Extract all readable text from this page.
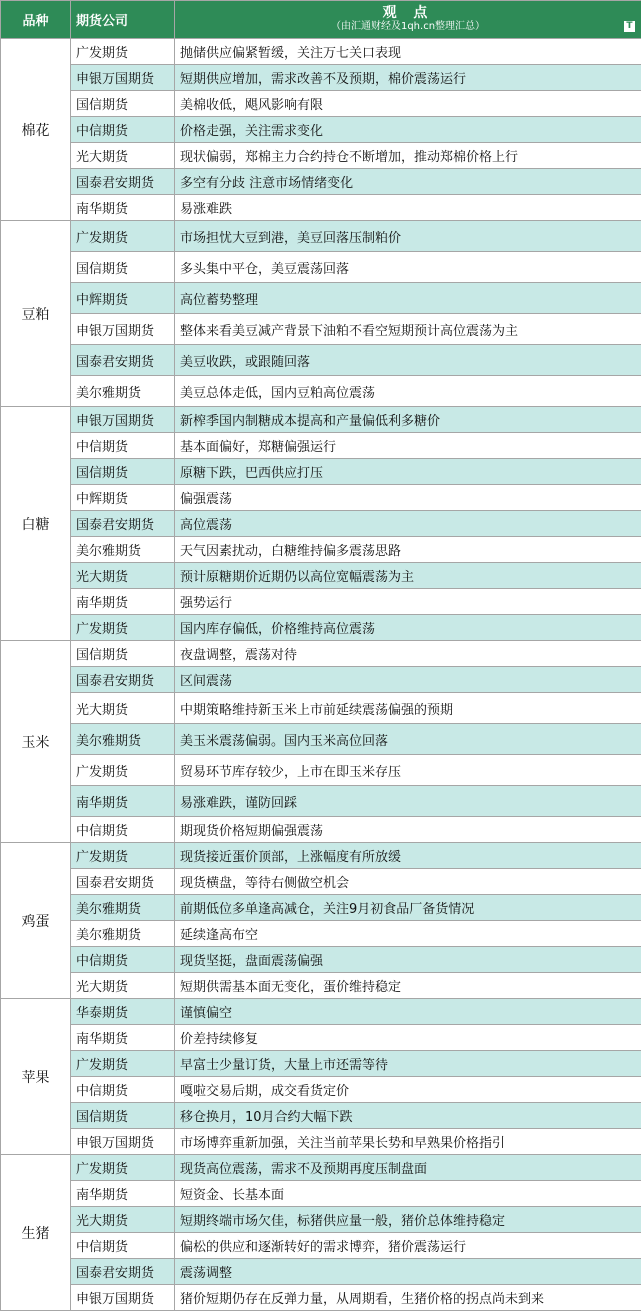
品种	期货公司	观 点
（由汇通财经及1qh.cn整理汇总） T

棉花	广发期货	抛储供应偏紧暂缓，关注万七关口表现
	申银万国期货	短期供应增加，需求改善不及预期，棉价震荡运行
	国信期货	美棉收低，飓风影响有限
	中信期货	价格走强，关注需求变化
	光大期货	现状偏弱，郑棉主力合约持仓不断增加，推动郑棉价格上行
	国泰君安期货	多空有分歧 注意市场情绪变化
	南华期货	易涨难跌
豆粕	广发期货	市场担忧大豆到港，美豆回落压制粕价
	国信期货	多头集中平仓，美豆震荡回落
	中辉期货	高位蓄势整理
	申银万国期货	整体来看美豆减产背景下油粕不看空短期预计高位震荡为主
	国泰君安期货	美豆收跌，或跟随回落
	美尔雅期货	美豆总体走低，国内豆粕高位震荡
白糖	申银万国期货	新榨季国内制糖成本提高和产量偏低利多糖价
	中信期货	基本面偏好，郑糖偏强运行
	国信期货	原糖下跌，巴西供应打压
	中辉期货	偏强震荡
	国泰君安期货	高位震荡
	美尔雅期货	天气因素扰动，白糖维持偏多震荡思路
	光大期货	预计原糖期价近期仍以高位宽幅震荡为主
	南华期货	强势运行
	广发期货	国内库存偏低，价格维持高位震荡
玉米	国信期货	夜盘调整，震荡对待
	国泰君安期货	区间震荡
	光大期货	中期策略维持新玉米上市前延续震荡偏强的预期
	美尔雅期货	美玉米震荡偏弱。国内玉米高位回落
	广发期货	贸易环节库存较少，上市在即玉米存压
	南华期货	易涨难跌，谨防回踩
	中信期货	期现货价格短期偏强震荡
鸡蛋	广发期货	现货接近蛋价顶部，上涨幅度有所放缓
	国泰君安期货	现货横盘，等待右侧做空机会
	美尔雅期货	前期低位多单逢高减仓，关注9月初食品厂备货情况
	美尔雅期货	延续逢高布空
	中信期货	现货坚挺，盘面震荡偏强
	光大期货	短期供需基本面无变化，蛋价维持稳定
苹果	华泰期货	谨慎偏空
	南华期货	价差持续修复
	广发期货	早富士少量订货，大量上市还需等待
	中信期货	嘎啦交易后期，成交看货定价
	国信期货	移仓换月，10月合约大幅下跌
	申银万国期货	市场博弈重新加强，关注当前苹果长势和早熟果价格指引
生猪	广发期货	现货高位震荡，需求不及预期再度压制盘面
	南华期货	短资金、长基本面
	光大期货	短期终端市场欠佳，标猪供应量一般，猪价总体维持稳定
	中信期货	偏松的供应和逐渐转好的需求博弈，猪价震荡运行
	国泰君安期货	震荡调整
	申银万国期货	猪价短期仍存在反弹力量，从周期看，生猪价格的拐点尚未到来
